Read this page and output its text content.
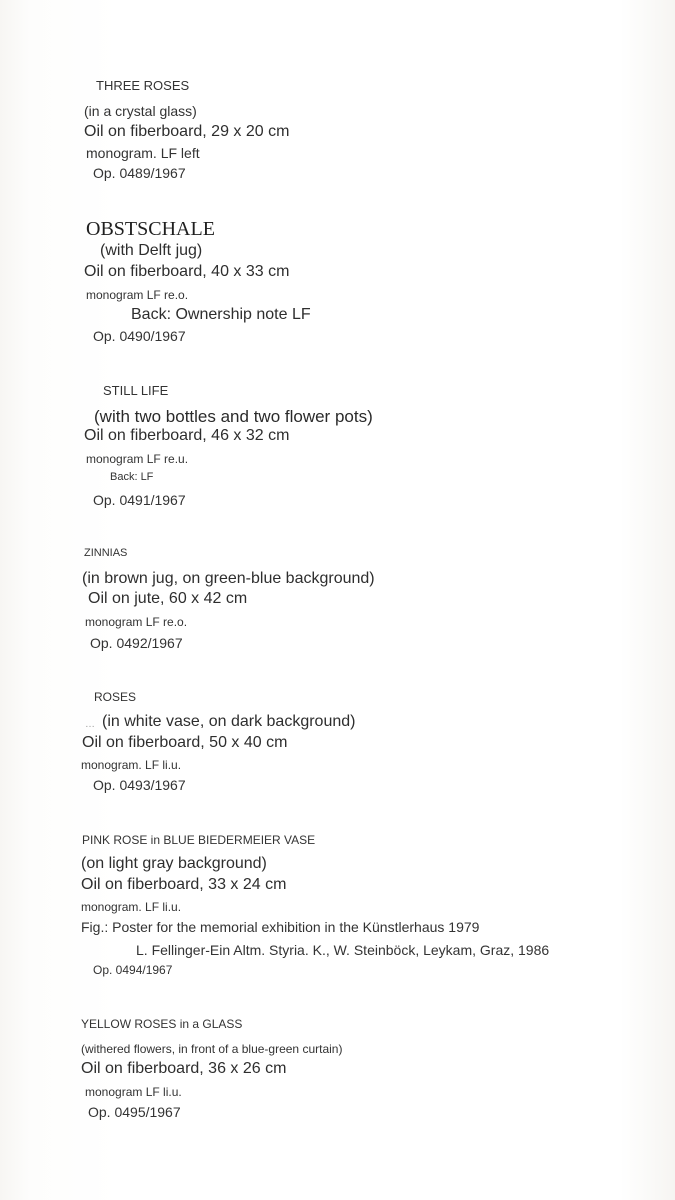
THREE ROSES
(in a crystal glass)
Oil on fiberboard, 29 x 20 cm
monogram. LF left
Op. 0489/1967
OBSTSCHALE
(with Delft jug)
Oil on fiberboard, 40 x 33 cm
monogram LF re.o.
Back: Ownership note LF
Op. 0490/1967
STILL LIFE
(with two bottles and two flower pots)
Oil on fiberboard, 46 x 32 cm
monogram LF re.u.
Back: LF
Op. 0491/1967
ZINNIAS
(in brown jug, on green-blue background)
Oil on jute, 60 x 42 cm
monogram LF re.o.
Op. 0492/1967
ROSES
… (in white vase, on dark background)
Oil on fiberboard, 50 x 40 cm
monogram. LF li.u.
Op. 0493/1967
PINK ROSE in BLUE BIEDERMEIER VASE
(on light gray background)
Oil on fiberboard, 33 x 24 cm
monogram. LF li.u.
Fig.: Poster for the memorial exhibition in the Künstlerhaus 1979
L. Fellinger-Ein Altm. Styria. K., W. Steinböck, Leykam, Graz, 1986
Op. 0494/1967
YELLOW ROSES in a GLASS
(withered flowers, in front of a blue-green curtain)
Oil on fiberboard, 36 x 26 cm
monogram LF li.u.
Op. 0495/1967
